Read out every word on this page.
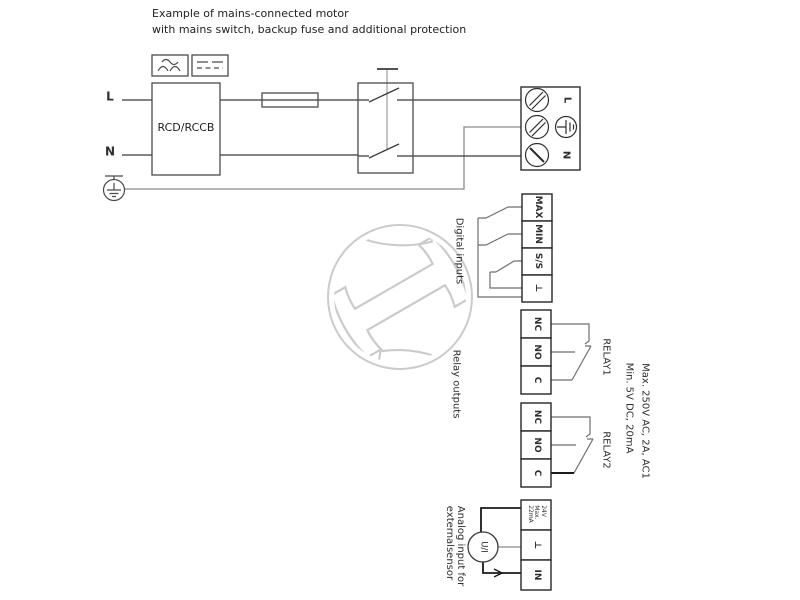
Example of mains-connected motor
with mains switch, backup fuse and additional protection
L
N
RCD/RCCB
L
N
MAX
MIN
S/S
⊥
Digital inputs
NC
NO
C
NC
NO
C
RELAY1
RELAY2
Relay outputs	Max. 250V AC, 2A, AC1
Min. 5V DC, 20mA
24V
Max.
22mA
⊥
IN
U/I
Analog input for
externalsensor
